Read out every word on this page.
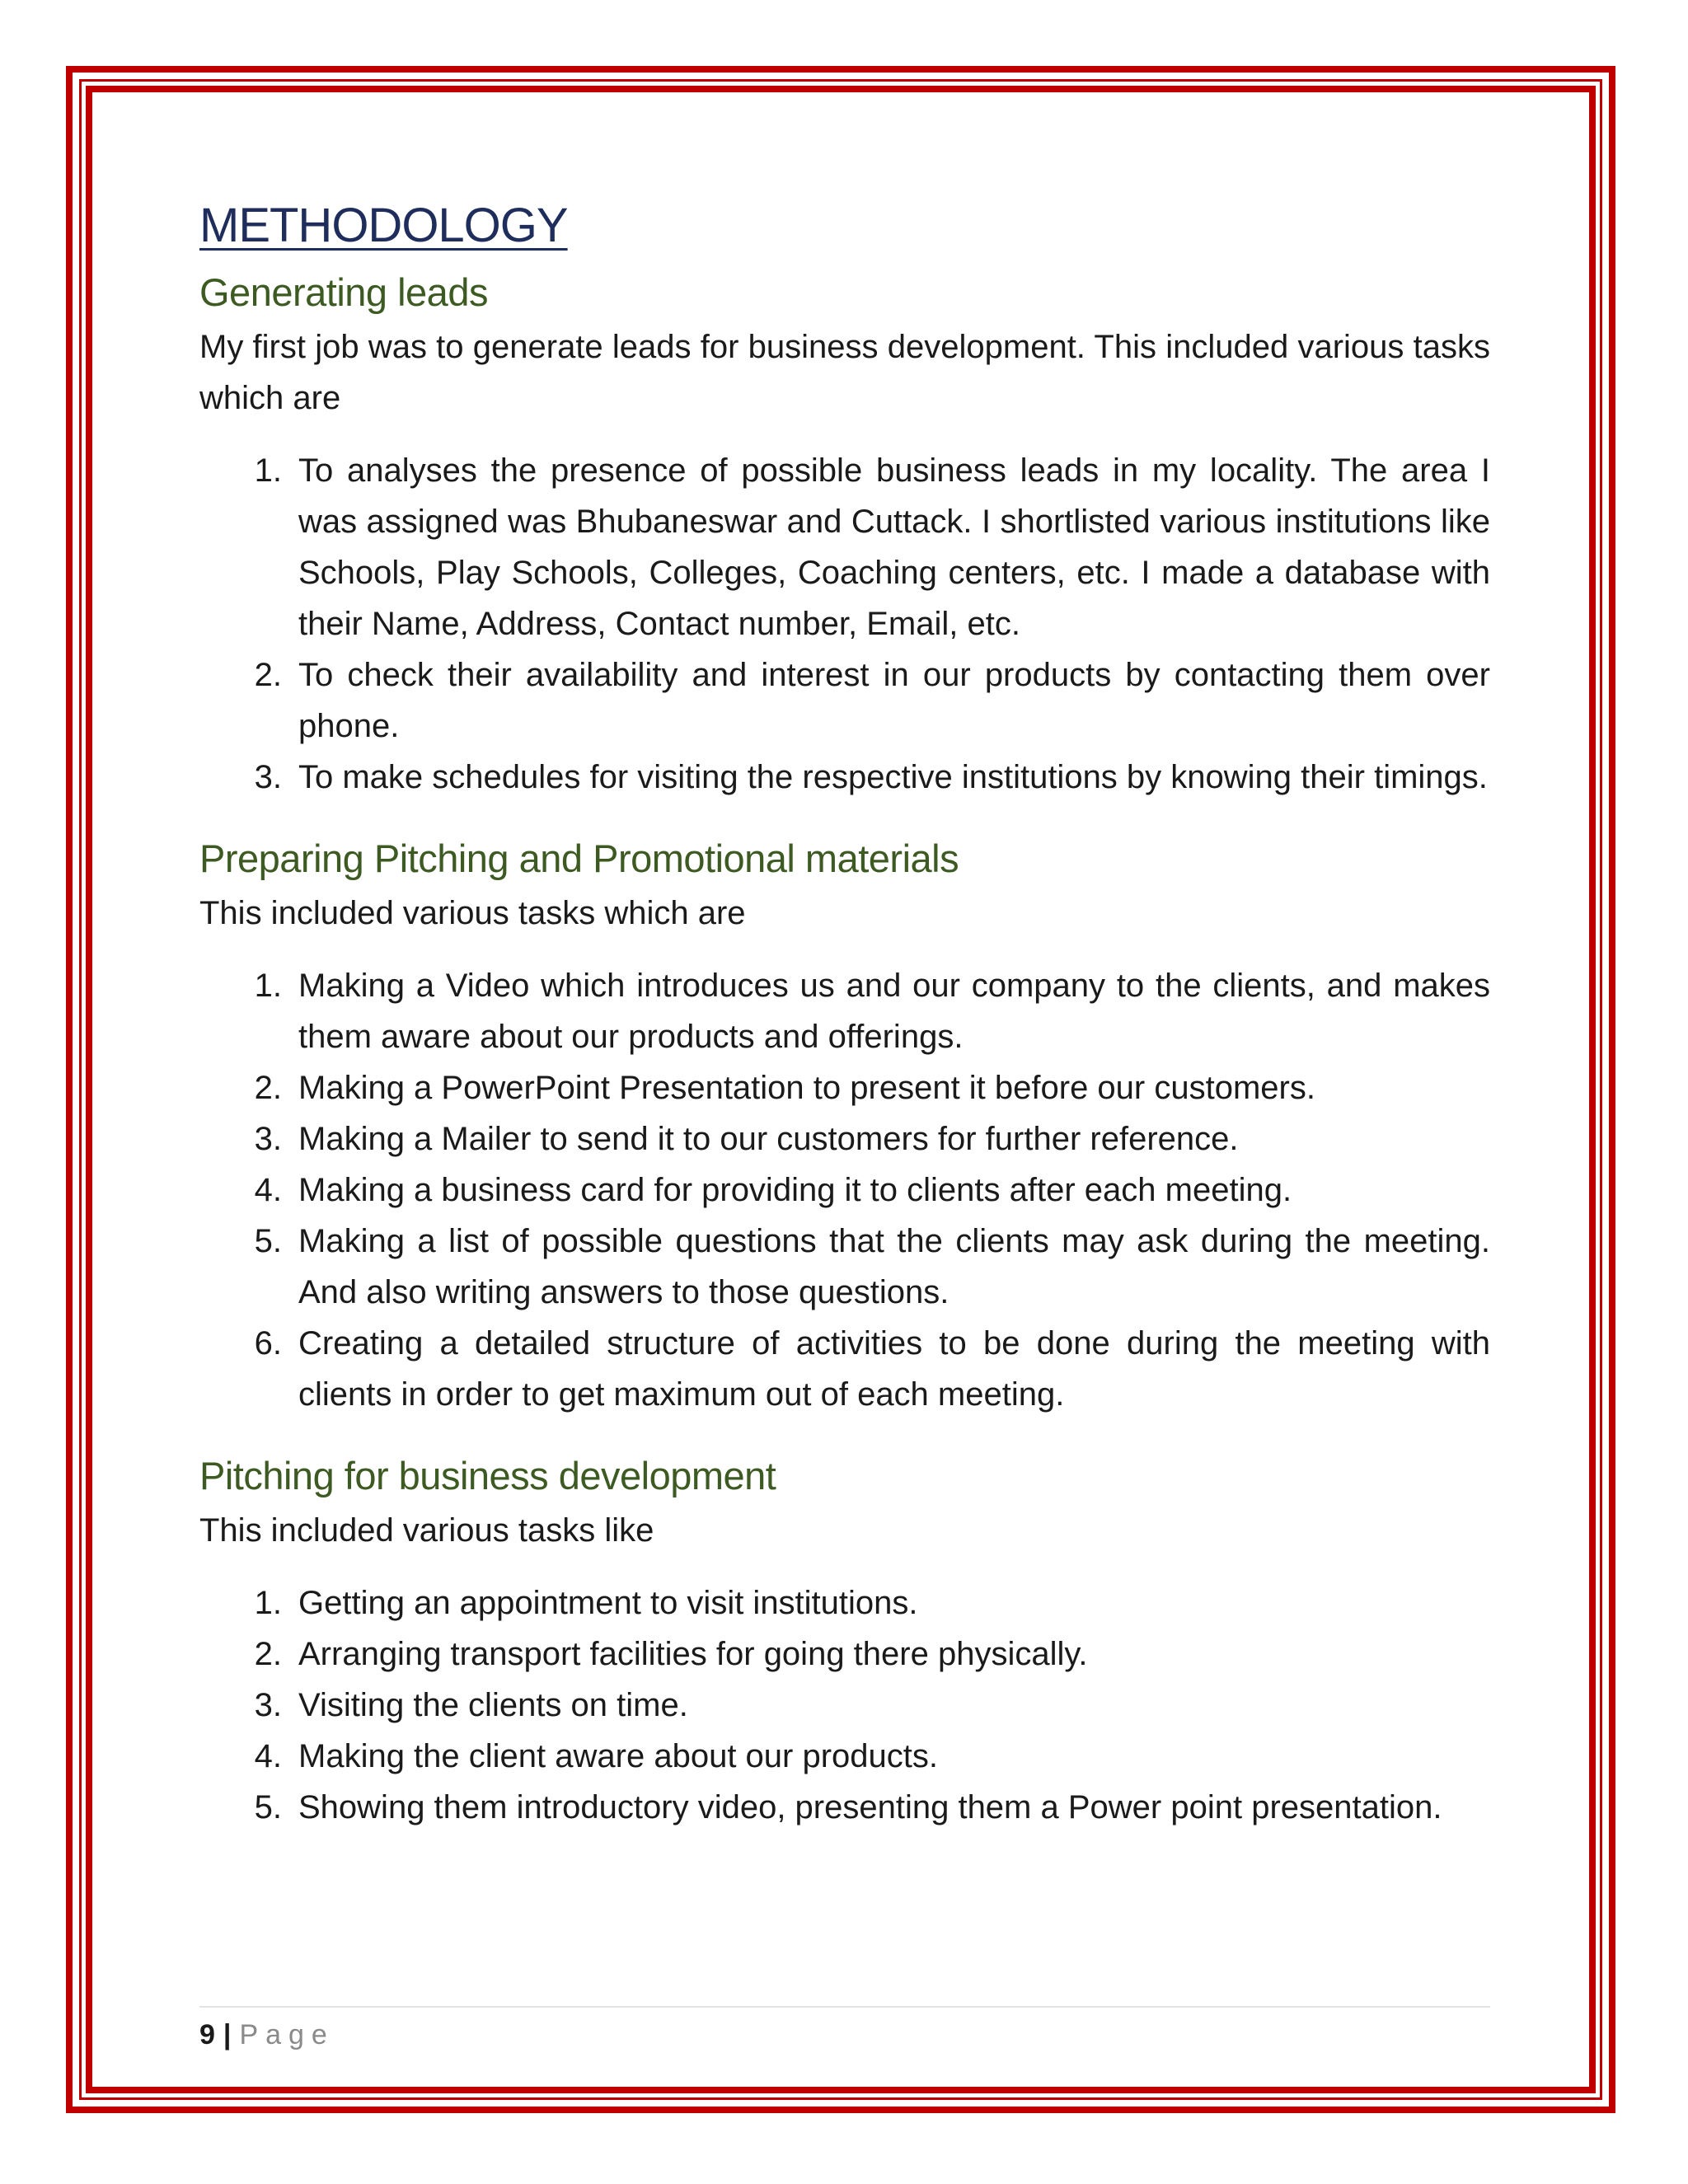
METHODOLOGY
Generating leads

My first job was to generate leads for business development. This included various tasks which are

1. To analyses the presence of possible business leads in my locality. The area I was assigned was Bhubaneswar and Cuttack. I shortlisted various institutions like Schools, Play Schools, Colleges, Coaching centers, etc. I made a database with their Name, Address, Contact number, Email, etc.
2. To check their availability and interest in our products by contacting them over phone.
3. To make schedules for visiting the respective institutions by knowing their timings.
Preparing Pitching and Promotional materials

This included various tasks which are

1. Making a Video which introduces us and our company to the clients, and makes them aware about our products and offerings.
2. Making a PowerPoint Presentation to present it before our customers.
3. Making a Mailer to send it to our customers for further reference.
4. Making a business card for providing it to clients after each meeting.
5. Making a list of possible questions that the clients may ask during the meeting. And also writing answers to those questions.
6. Creating a detailed structure of activities to be done during the meeting with clients in order to get maximum out of each meeting.
Pitching for business development

This included various tasks like

1. Getting an appointment to visit institutions.
2. Arranging transport facilities for going there physically.
3. Visiting the clients on time.
4. Making the client aware about our products.
5. Showing them introductory video, presenting them a Power point presentation.
9 | Page
